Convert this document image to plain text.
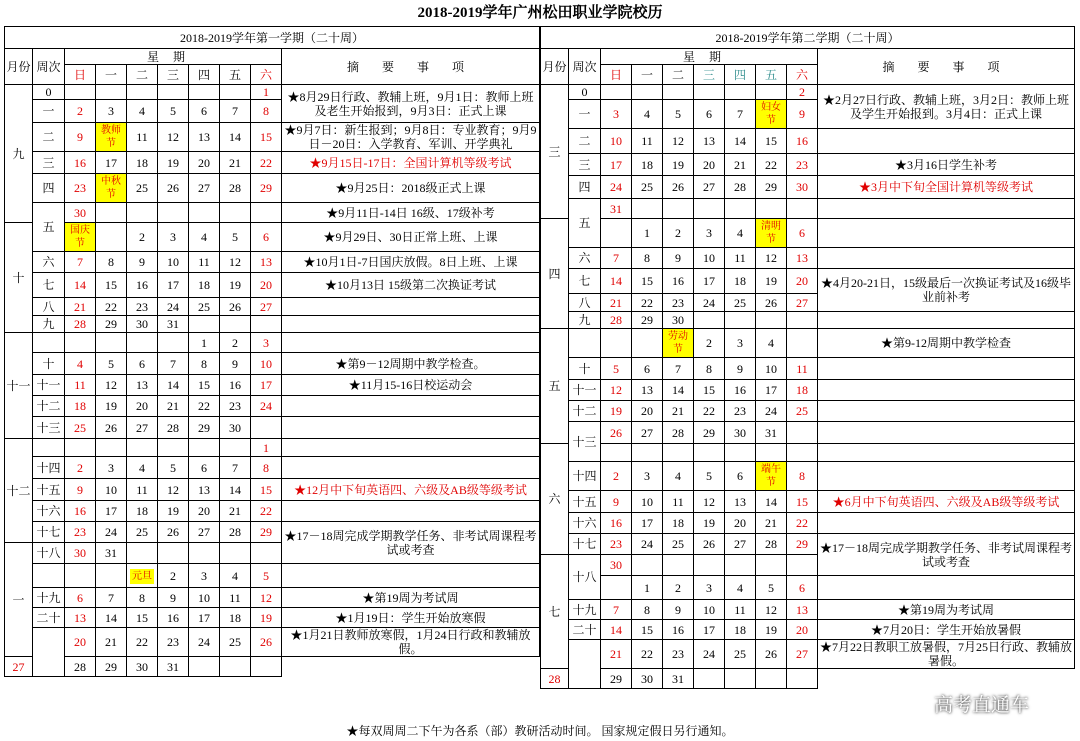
2018-2019学年广州松田职业学院校历
2018-2019学年第一学期（二十周）									
月份	周次	星期							摘 要 事 项
		日	一	二	三	四	五	六	
九	0							1	★8月29日行政、教辅上班，9月1日：教师上班及老生开始报到，9月3日：正式上课
	一	2	3	4	5	6	7	8	
	二	9	教师节	11	12	13	14	15	★9月7日：新生报到；9月8日：专业教育；9月9日－20日：入学教育、军训、开学典礼
	三	16	17	18	19	20	21	22	★9月15日-17日：全国计算机等级考试
	四	23	中秋节	25	26	27	28	29	★9月25日：2018级正式上课
	五	30							★9月11日-14日 16级、17级补考
十		国庆节		2	3	4	5	6	★9月29日、30日正常上班、上课
	六	7	8	9	10	11	12	13	★10月1日-7日国庆放假。8日上班、上课
	七	14	15	16	17	18	19	20	★10月13日 15级第二次换证考试
	八	21	22	23	24	25	26	27	
	九	28	29	30	31				
十一						1	2	3	
	十	4	5	6	7	8	9	10	★第9－12周期中教学检查。
	十一	11	12	13	14	15	16	17	★11月15-16日校运动会
	十二	18	19	20	21	22	23	24	
	十三	25	26	27	28	29	30		
十二								1	
	十四	2	3	4	5	6	7	8	
	十五	9	10	11	12	13	14	15	★12月中下旬英语四、六级及AB级等级考试
	十六	16	17	18	19	20	21	22	
	十七	23	24	25	26	27	28	29	★17－18周完成学期教学任务、非考试周课程考试或考查
一	十八	30	31						
				元旦	2	3	4	5	
	十九	6	7	8	9	10	11	12	★第19周为考试周
	二十	13	14	15	16	17	18	19	★1月19日：学生开始放寒假
		20	21	22	23	24	25	26	★1月21日教师放寒假，1月24日行政和教辅放假。
27		28	29	30	31				
2018-2019学年第二学期（二十周）									
月份	周次	星期							摘 要 事 项
		日	一	二	三	四	五	六	
三	0							2	★2月27日行政、教辅上班，3月2日：教师上班及学生开始报到。3月4日：正式上课
	一	3	4	5	6	7	妇女节	9	
	二	10	11	12	13	14	15	16	
	三	17	18	19	20	21	22	23	★3月16日学生补考
	四	24	25	26	27	28	29	30	★3月中下旬全国计算机等级考试
	五	31							
四			1	2	3	4	清明节	6	
	六	7	8	9	10	11	12	13	
	七	14	15	16	17	18	19	20	★4月20-21日，15级最后一次换证考试及16级毕业前补考
	八	21	22	23	24	25	26	27	
	九	28	29	30					
五				劳动节	2	3	4		★第9-12周期中教学检查
	十	5	6	7	8	9	10	11	
	十一	12	13	14	15	16	17	18	
	十二	19	20	21	22	23	24	25	
	十三	26	27	28	29	30	31		
六									
	十四	2	3	4	5	6	端午节	8	
	十五	9	10	11	12	13	14	15	★6月中下旬英语四、六级及AB级等级考试
	十六	16	17	18	19	20	21	22	
	十七	23	24	25	26	27	28	29	★17－18周完成学期教学任务、非考试周课程考试或考查
七	十八	30							
			1	2	3	4	5	6	
	十九	7	8	9	10	11	12	13	★第19周为考试周
	二十	14	15	16	17	18	19	20	★7月20日：学生开始放暑假
		21	22	23	24	25	26	27	★7月22日教职工放暑假，7月25日行政、教辅放暑假。
28		29	30	31					
★每双周周二下午为各系（部）教研活动时间。 国家规定假日另行通知。
高考直通车
